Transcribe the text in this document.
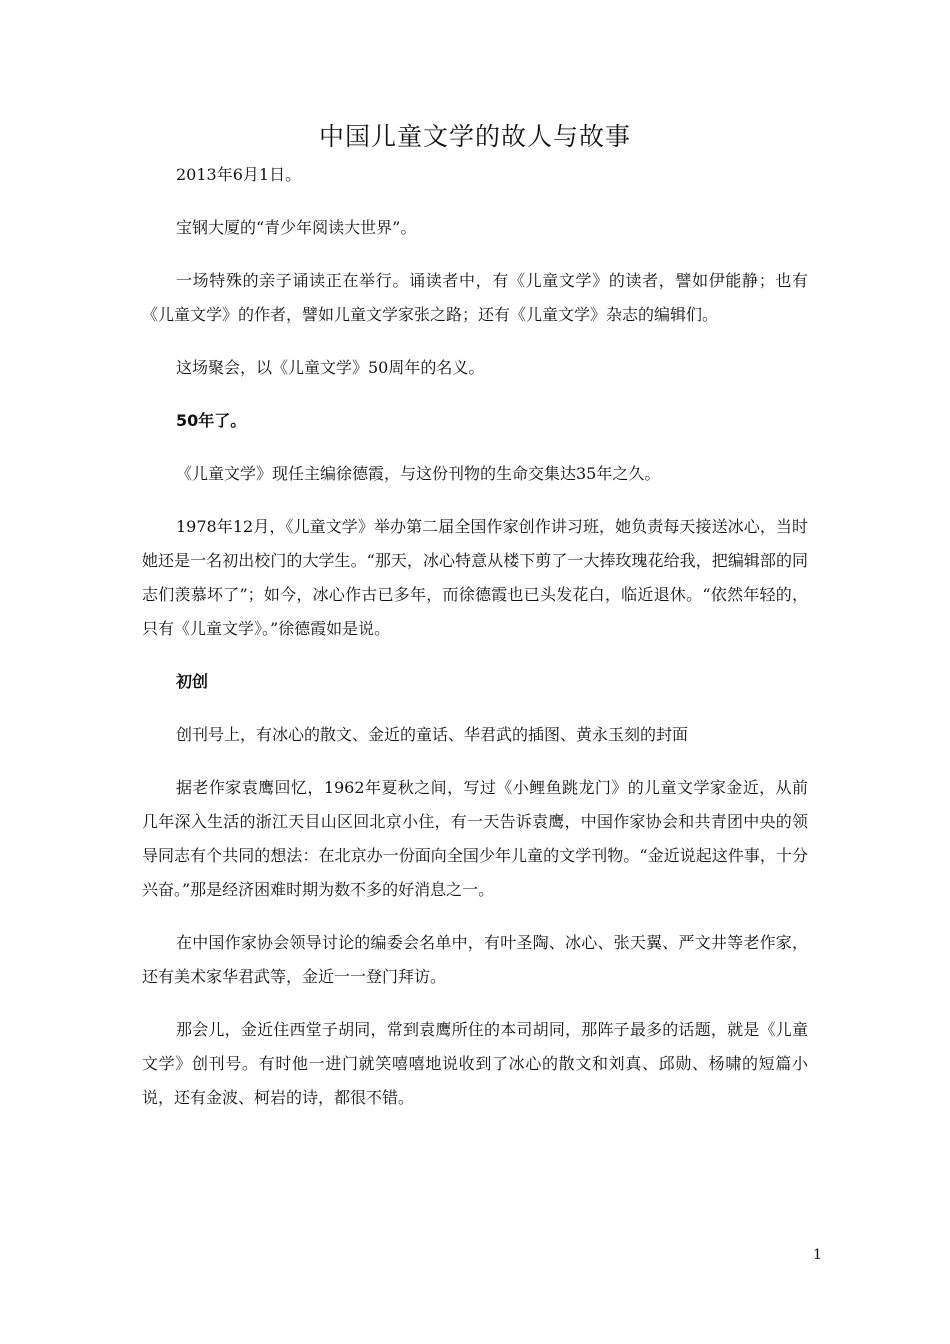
中国儿童文学的故人与故事

2013年6月1日。

宝钢大厦的“青少年阅读大世界”。

一场特殊的亲子诵读正在举行。诵读者中，有《儿童文学》的读者，譬如伊能静；也有《儿童文学》的作者，譬如儿童文学家张之路；还有《儿童文学》杂志的编辑们。

这场聚会，以《儿童文学》50周年的名义。

50年了。

《儿童文学》现任主编徐德霞，与这份刊物的生命交集达35年之久。

1978年12月，《儿童文学》举办第二届全国作家创作讲习班，她负责每天接送冰心，当时她还是一名初出校门的大学生。“那天，冰心特意从楼下剪了一大捧玫瑰花给我，把编辑部的同志们羡慕坏了”；如今，冰心作古已多年，而徐德霞也已头发花白，临近退休。“依然年轻的，只有《儿童文学》。”徐德霞如是说。

初创

创刊号上，有冰心的散文、金近的童话、华君武的插图、黄永玉刻的封面

据老作家袁鹰回忆，1962年夏秋之间，写过《小鲤鱼跳龙门》的儿童文学家金近，从前几年深入生活的浙江天目山区回北京小住，有一天告诉袁鹰，中国作家协会和共青团中央的领导同志有个共同的想法：在北京办一份面向全国少年儿童的文学刊物。“金近说起这件事，十分兴奋。”那是经济困难时期为数不多的好消息之一。

在中国作家协会领导讨论的编委会名单中，有叶圣陶、冰心、张天翼、严文井等老作家，还有美术家华君武等，金近一一登门拜访。

那会儿，金近住西堂子胡同，常到袁鹰所住的本司胡同，那阵子最多的话题，就是《儿童文学》创刊号。有时他一进门就笑嘻嘻地说收到了冰心的散文和刘真、邱勋、杨啸的短篇小说，还有金波、柯岩的诗，都很不错。

1
